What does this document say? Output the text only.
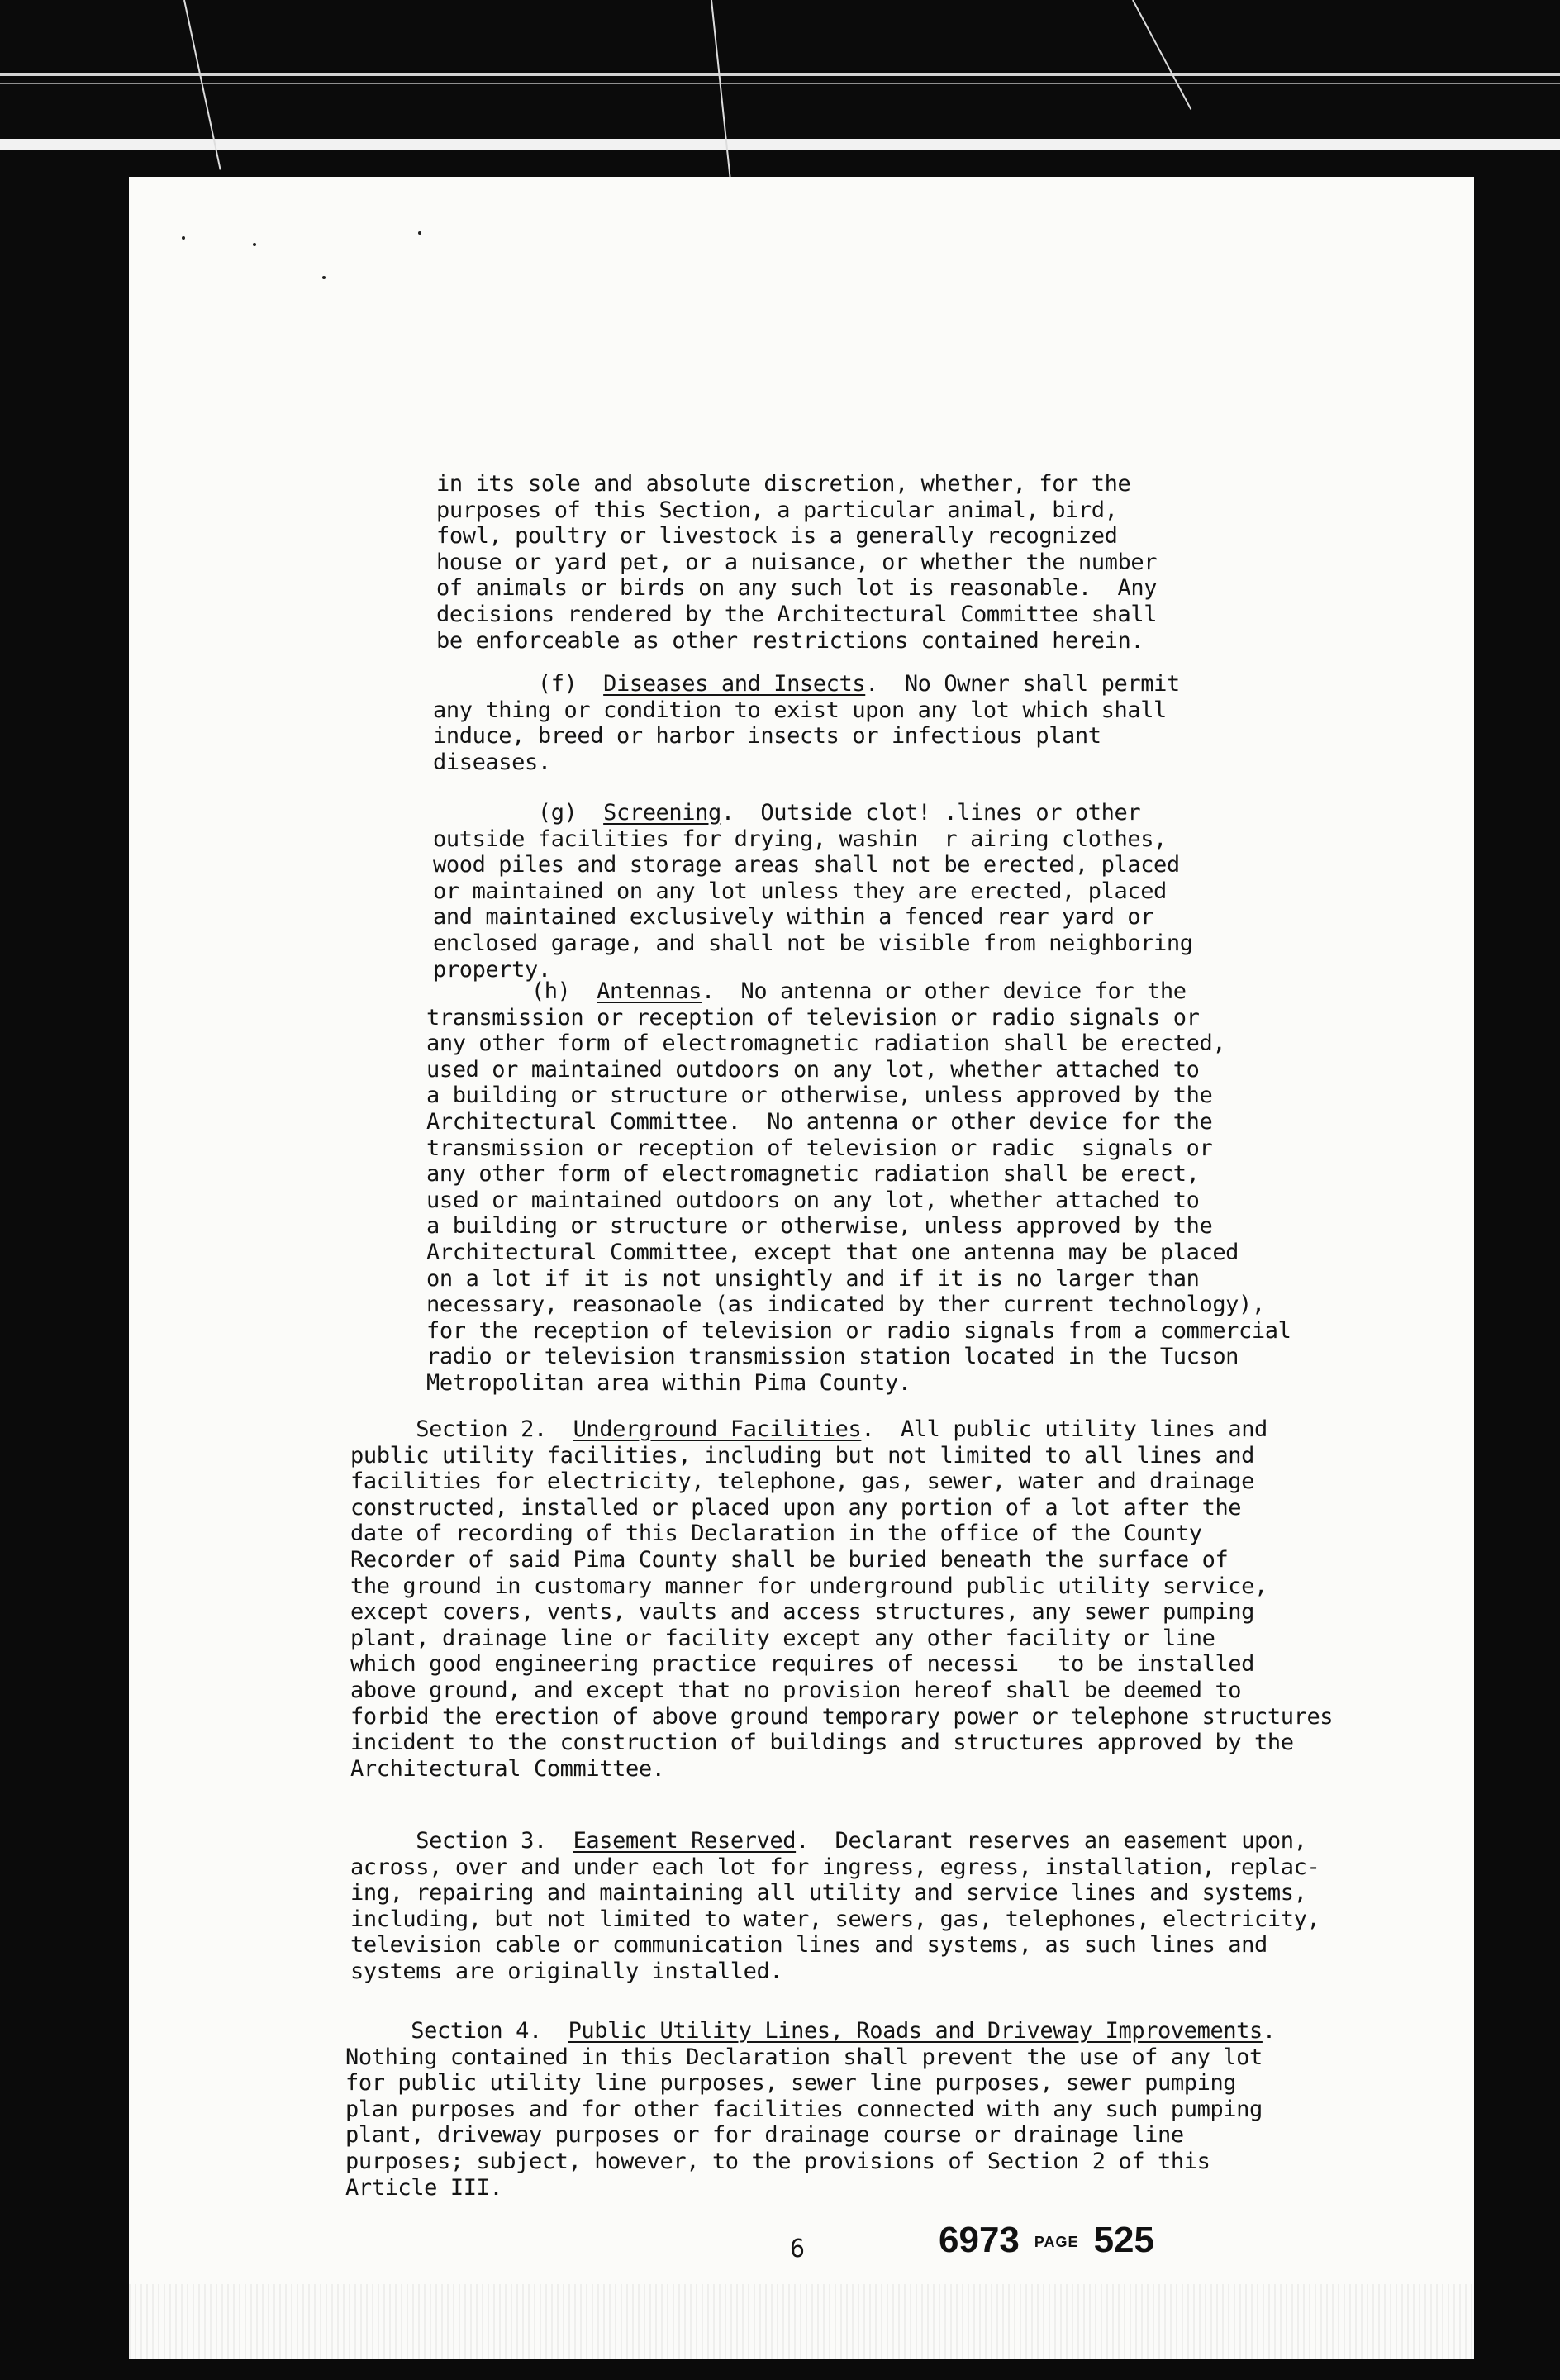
in its sole and absolute discretion, whether, for the
purposes of this Section, a particular animal, bird,
fowl, poultry or livestock is a generally recognized
house or yard pet, or a nuisance, or whether the number
of animals or birds on any such lot is reasonable.  Any
decisions rendered by the Architectural Committee shall
be enforceable as other restrictions contained herein.
(f) Diseases and Insects.  No Owner shall permit
any thing or condition to exist upon any lot which shall
induce, breed or harbor insects or infectious plant
diseases.
(g) Screening.  Outside clot! .lines or other
outside facilities for drying, washin  r airing clothes,
wood piles and storage areas shall not be erected, placed
or maintained on any lot unless they are erected, placed
and maintained exclusively within a fenced rear yard or
enclosed garage, and shall not be visible from neighboring
property.
(h) Antennas.  No antenna or other device for the
transmission or reception of television or radio signals or
any other form of electromagnetic radiation shall be erected,
used or maintained outdoors on any lot, whether attached to
a building or structure or otherwise, unless approved by the
Architectural Committee.  No antenna or other device for the
transmission or reception of television or radic  signals or
any other form of electromagnetic radiation shall be erect,
used or maintained outdoors on any lot, whether attached to
a building or structure or otherwise, unless approved by the
Architectural Committee, except that one antenna may be placed
on a lot if it is not unsightly and if it is no larger than
necessary, reasonaole (as indicated by ther current technology),
for the reception of television or radio signals from a commercial
radio or television transmission station located in the Tucson
Metropolitan area within Pima County.
Section 2. Underground Facilities.  All public utility lines and
public utility facilities, including but not limited to all lines and
facilities for electricity, telephone, gas, sewer, water and drainage
constructed, installed or placed upon any portion of a lot after the
date of recording of this Declaration in the office of the County
Recorder of said Pima County shall be buried beneath the surface of
the ground in customary manner for underground public utility service,
except covers, vents, vaults and access structures, any sewer pumping
plant, drainage line or facility except any other facility or line
which good engineering practice requires of necessi   to be installed
above ground, and except that no provision hereof shall be deemed to
forbid the erection of above ground temporary power or telephone structures
incident to the construction of buildings and structures approved by the
Architectural Committee.
Section 3. Easement Reserved.  Declarant reserves an easement upon,
across, over and under each lot for ingress, egress, installation, replac-
ing, repairing and maintaining all utility and service lines and systems,
including, but not limited to water, sewers, gas, telephones, electricity,
television cable or communication lines and systems, as such lines and
systems are originally installed.
Section 4. Public Utility Lines, Roads and Driveway Improvements.
Nothing contained in this Declaration shall prevent the use of any lot
for public utility line purposes, sewer line purposes, sewer pumping
plan purposes and for other facilities connected with any such pumping
plant, driveway purposes or for drainage course or drainage line
purposes; subject, however, to the provisions of Section 2 of this
Article III.
6	6973 PAGE 525
